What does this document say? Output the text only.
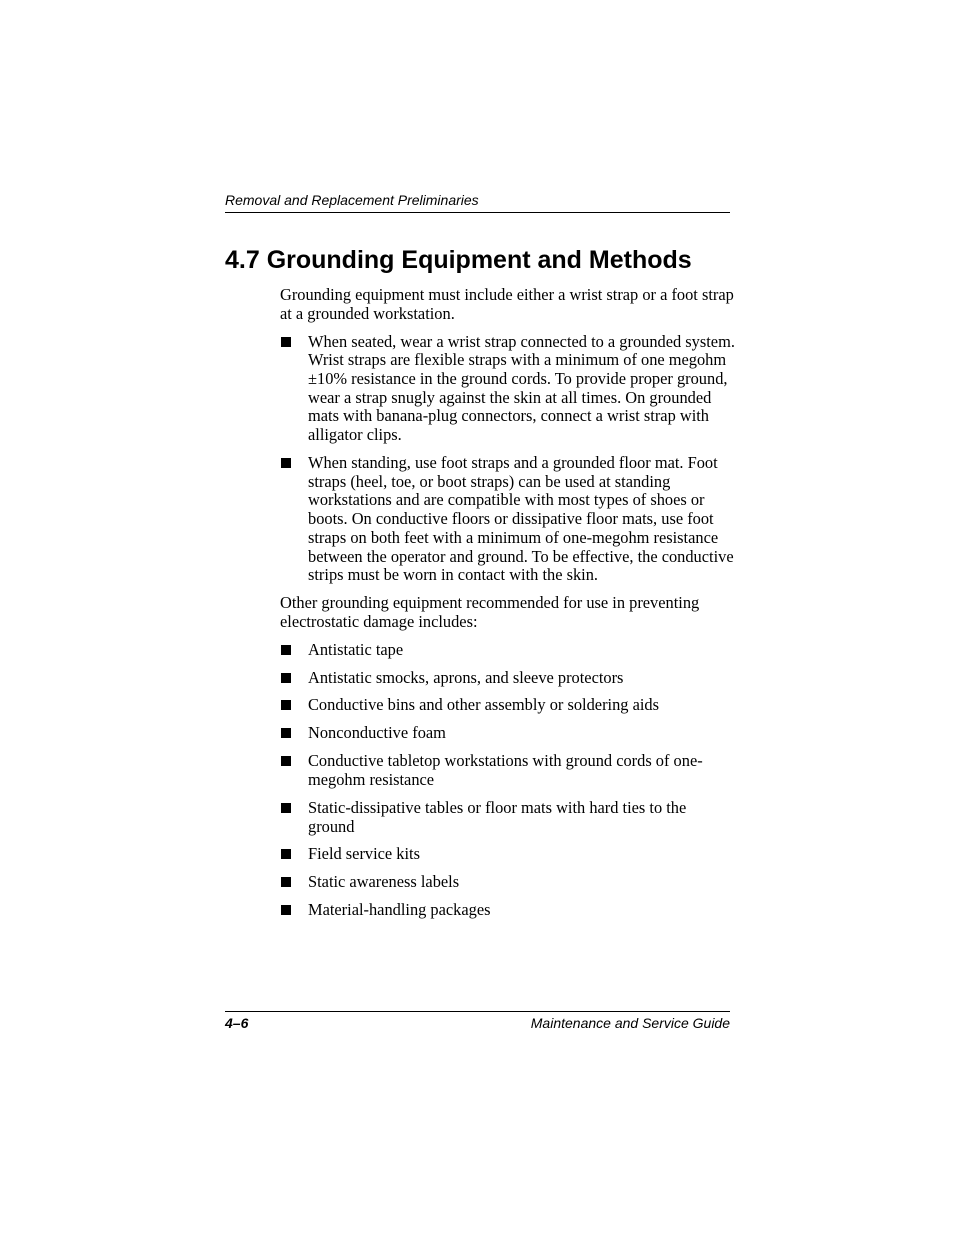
Removal and Replacement Preliminaries
4.7 Grounding Equipment and Methods

Grounding equipment must include either a wrist strap or a foot strap at a grounded workstation.

When seated, wear a wrist strap connected to a grounded system. Wrist straps are flexible straps with a minimum of one megohm ±10% resistance in the ground cords. To provide proper ground, wear a strap snugly against the skin at all times. On grounded mats with banana-plug connectors, connect a wrist strap with alligator clips.
When standing, use foot straps and a grounded floor mat. Foot straps (heel, toe, or boot straps) can be used at standing workstations and are compatible with most types of shoes or boots. On conductive floors or dissipative floor mats, use foot straps on both feet with a minimum of one-megohm resistance between the operator and ground. To be effective, the conductive strips must be worn in contact with the skin.

Other grounding equipment recommended for use in preventing electrostatic damage includes:

Antistatic tape
Antistatic smocks, aprons, and sleeve protectors
Conductive bins and other assembly or soldering aids
Nonconductive foam
Conductive tabletop workstations with ground cords of one-megohm resistance
Static-dissipative tables or floor mats with hard ties to the ground
Field service kits
Static awareness labels
Material-handling packages
4–6	Maintenance and Service Guide
